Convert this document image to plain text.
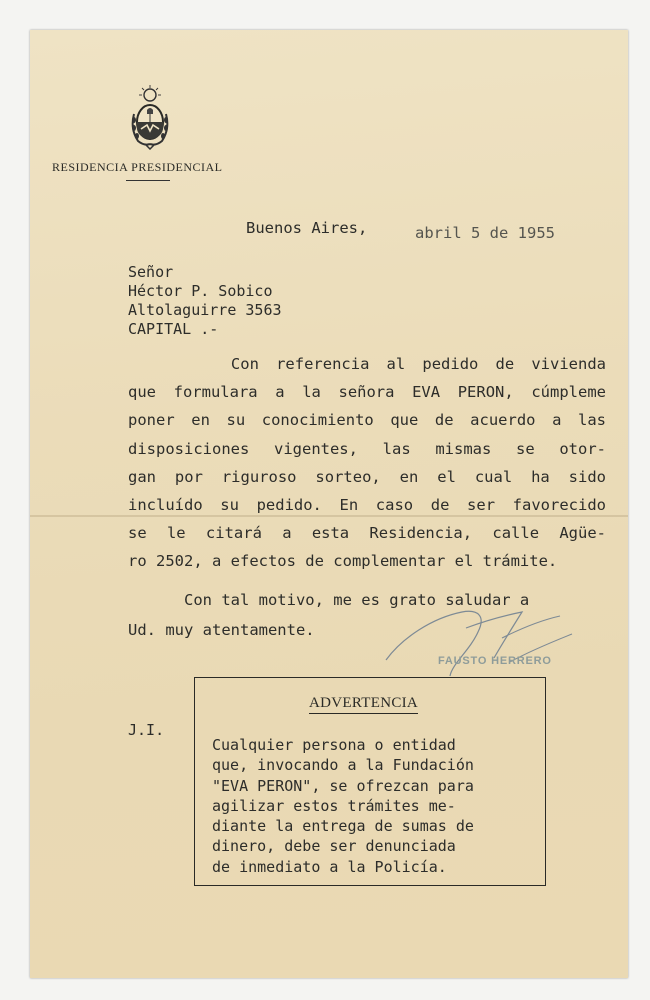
RESIDENCIA PRESIDENCIAL
Buenos Aires,	abril 5 de 1955
Señor
Héctor P. Sobico
Altolaguirre 3563
CAPITAL .-
Con referencia al pedido de vivienda
que formulara a la señora EVA PERON, cúmpleme
poner en su conocimiento que de acuerdo a las
disposiciones vigentes, las mismas se otor-
gan por riguroso sorteo, en el cual ha sido
incluído su pedido. En caso de ser favorecido
se le citará a esta Residencia, calle Agüe-
ro 2502, a efectos de complementar el trámite.
Con tal motivo, me es grato saludar a
Ud. muy atentamente.
FAUSTO HERRERO
J.I.
ADVERTENCIA
Cualquier persona o entidad
que, invocando a la Fundación
"EVA PERON", se ofrezcan para
agilizar estos trámites me-
diante la entrega de sumas de
dinero, debe ser denunciada
de inmediato a la Policía.
